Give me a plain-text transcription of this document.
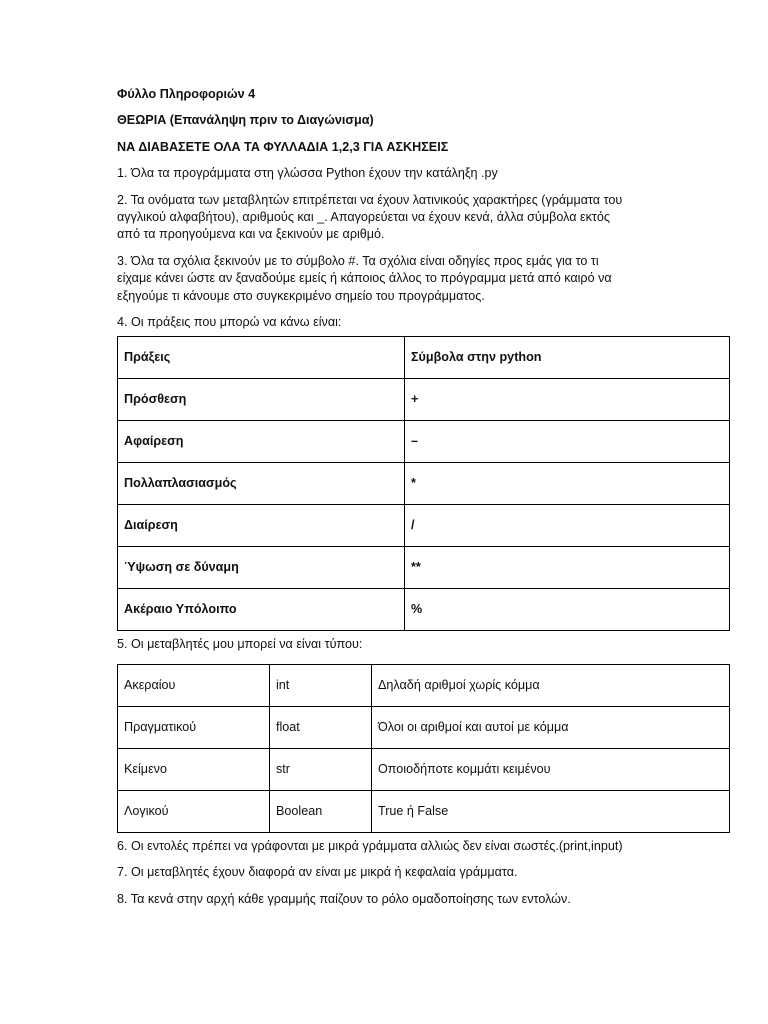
Φύλλο Πληροφοριών 4

ΘΕΩΡΙΑ (Επανάληψη πριν το Διαγώνισμα)

ΝΑ ΔΙΑΒΑΣΕΤΕ ΟΛΑ ΤΑ ΦΥΛΛΑΔΙΑ 1,2,3 ΓΙΑ ΑΣΚΗΣΕΙΣ

1. Όλα τα προγράμματα στη γλώσσα Python έχουν την κατάληξη .py

2. Τα ονόματα των μεταβλητών επιτρέπεται να έχουν λατινικούς χαρακτήρες (γράμματα του

αγγλικού αλφαβήτου), αριθμούς και _. Απαγορεύεται να έχουν κενά, άλλα σύμβολα εκτός

από τα προηγούμενα και να ξεκινούν με αριθμό.

3. Όλα τα σχόλια ξεκινούν με το σύμβολο #. Τα σχόλια είναι οδηγίες προς εμάς για το τι

είχαμε κάνει ώστε αν ξαναδούμε εμείς ή κάποιος άλλος το πρόγραμμα μετά από καιρό να

εξηγούμε τι κάνουμε στο συγκεκριμένο σημείο του προγράμματος.

4. Οι πράξεις που μπορώ να κάνω είναι:

Πράξεις	Σύμβολα στην python
Πρόσθεση	+
Αφαίρεση	–
Πολλαπλασιασμός	*
Διαίρεση	/
Ύψωση σε δύναμη	**
Ακέραιο Υπόλοιπο	%

5. Οι μεταβλητές μου μπορεί να είναι τύπου:

Ακεραίου	int	Δηλαδή αριθμοί χωρίς κόμμα
Πραγματικού	float	Όλοι οι αριθμοί και αυτοί με κόμμα
Κείμενο	str	Οποιοδήποτε κομμάτι κειμένου
Λογικού	Boolean	True ή False

6. Οι εντολές πρέπει να γράφονται με μικρά γράμματα αλλιώς δεν είναι σωστές.(print,input)

7. Οι μεταβλητές έχουν διαφορά αν είναι με μικρά ή κεφαλαία γράμματα.

8. Τα κενά στην αρχή κάθε γραμμής παίζουν το ρόλο ομαδοποίησης των εντολών.
